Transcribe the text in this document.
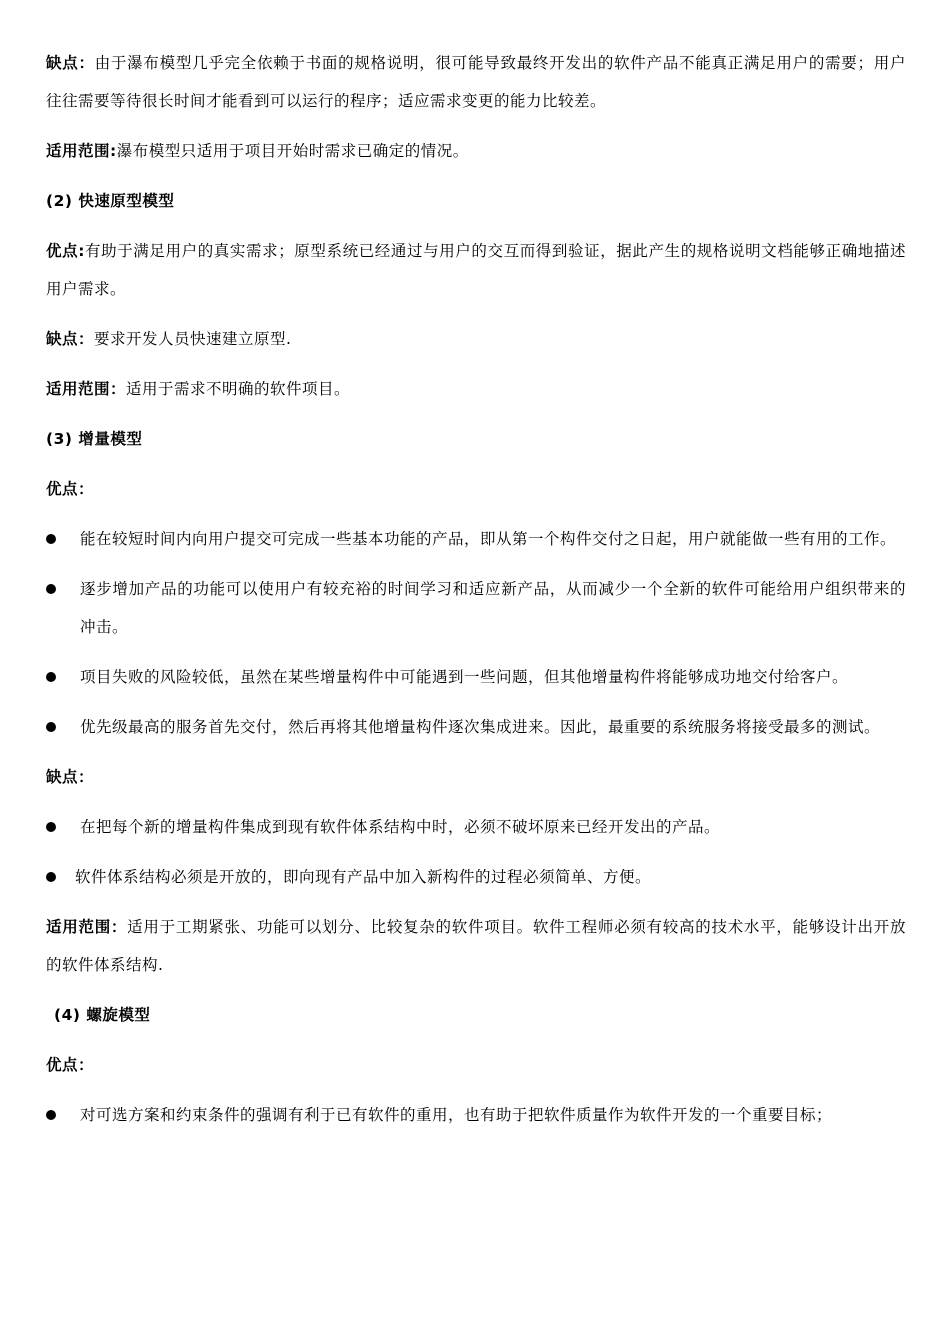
缺点：由于瀑布模型几乎完全依赖于书面的规格说明，很可能导致最终开发出的软件产品不能真正满足用户的需要；用户往往需要等待很长时间才能看到可以运行的程序；适应需求变更的能力比较差。

适用范围:瀑布模型只适用于项目开始时需求已确定的情况。

(2) 快速原型模型

优点:有助于满足用户的真实需求；原型系统已经通过与用户的交互而得到验证，据此产生的规格说明文档能够正确地描述用户需求。

缺点：要求开发人员快速建立原型.

适用范围：适用于需求不明确的软件项目。

(3) 增量模型
优点：
能在较短时间内向用户提交可完成一些基本功能的产品，即从第一个构件交付之日起，用户就能做一些有用的工作。
逐步增加产品的功能可以使用户有较充裕的时间学习和适应新产品，从而减少一个全新的软件可能给用户组织带来的冲击。
项目失败的风险较低，虽然在某些增量构件中可能遇到一些问题，但其他增量构件将能够成功地交付给客户。
优先级最高的服务首先交付，然后再将其他增量构件逐次集成进来。因此，最重要的系统服务将接受最多的测试。
缺点：
在把每个新的增量构件集成到现有软件体系结构中时，必须不破坏原来已经开发出的产品。
软件体系结构必须是开放的，即向现有产品中加入新构件的过程必须简单、方便。

适用范围：适用于工期紧张、功能可以划分、比较复杂的软件项目。软件工程师必须有较高的技术水平，能够设计出开放的软件体系结构.

(4) 螺旋模型
优点：
对可选方案和约束条件的强调有利于已有软件的重用，也有助于把软件质量作为软件开发的一个重要目标；
